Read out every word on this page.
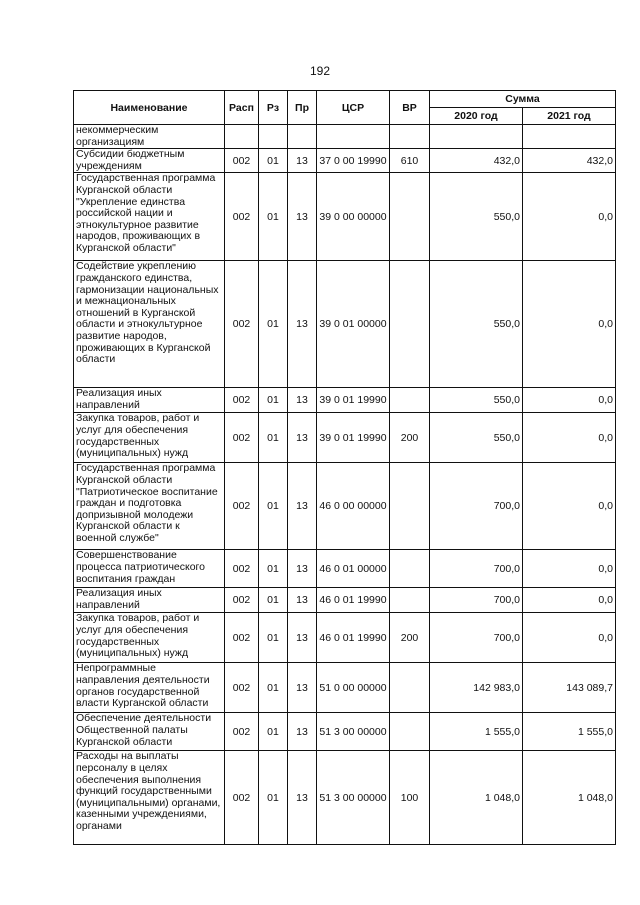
192
Наименование	Расп	Рз	Пр	ЦСР	ВР	Сумма	
						2020 год	2021 год
некоммерческим организациям							
Субсидии бюджетным учреждениям	002	01	13	37 0 00 19990	610	432,0	432,0
Государственная программа Курганской области "Укрепление единства российской нации и этнокультурное развитие народов, проживающих в Курганской области"	002	01	13	39 0 00 00000		550,0	0,0
Содействие укреплению гражданского единства, гармонизации национальных и межнациональных отношений в Курганской области и этнокультурное развитие народов, проживающих в Курганской области	002	01	13	39 0 01 00000		550,0	0,0
Реализация иных направлений	002	01	13	39 0 01 19990		550,0	0,0
Закупка товаров, работ и услуг для обеспечения государственных (муниципальных) нужд	002	01	13	39 0 01 19990	200	550,0	0,0
Государственная программа Курганской области "Патриотическое воспитание граждан и подготовка допризывной молодежи Курганской области к военной службе"	002	01	13	46 0 00 00000		700,0	0,0
Совершенствование процесса патриотического воспитания граждан	002	01	13	46 0 01 00000		700,0	0,0
Реализация иных направлений	002	01	13	46 0 01 19990		700,0	0,0
Закупка товаров, работ и услуг для обеспечения государственных (муниципальных) нужд	002	01	13	46 0 01 19990	200	700,0	0,0
Непрограммные направления деятельности органов государственной власти Курганской области	002	01	13	51 0 00 00000		142 983,0	143 089,7
Обеспечение деятельности Общественной палаты Курганской области	002	01	13	51 3 00 00000		1 555,0	1 555,0
Расходы на выплаты персоналу в целях обеспечения выполнения функций государственными (муниципальными) органами, казенными учреждениями, органами	002	01	13	51 3 00 00000	100	1 048,0	1 048,0
